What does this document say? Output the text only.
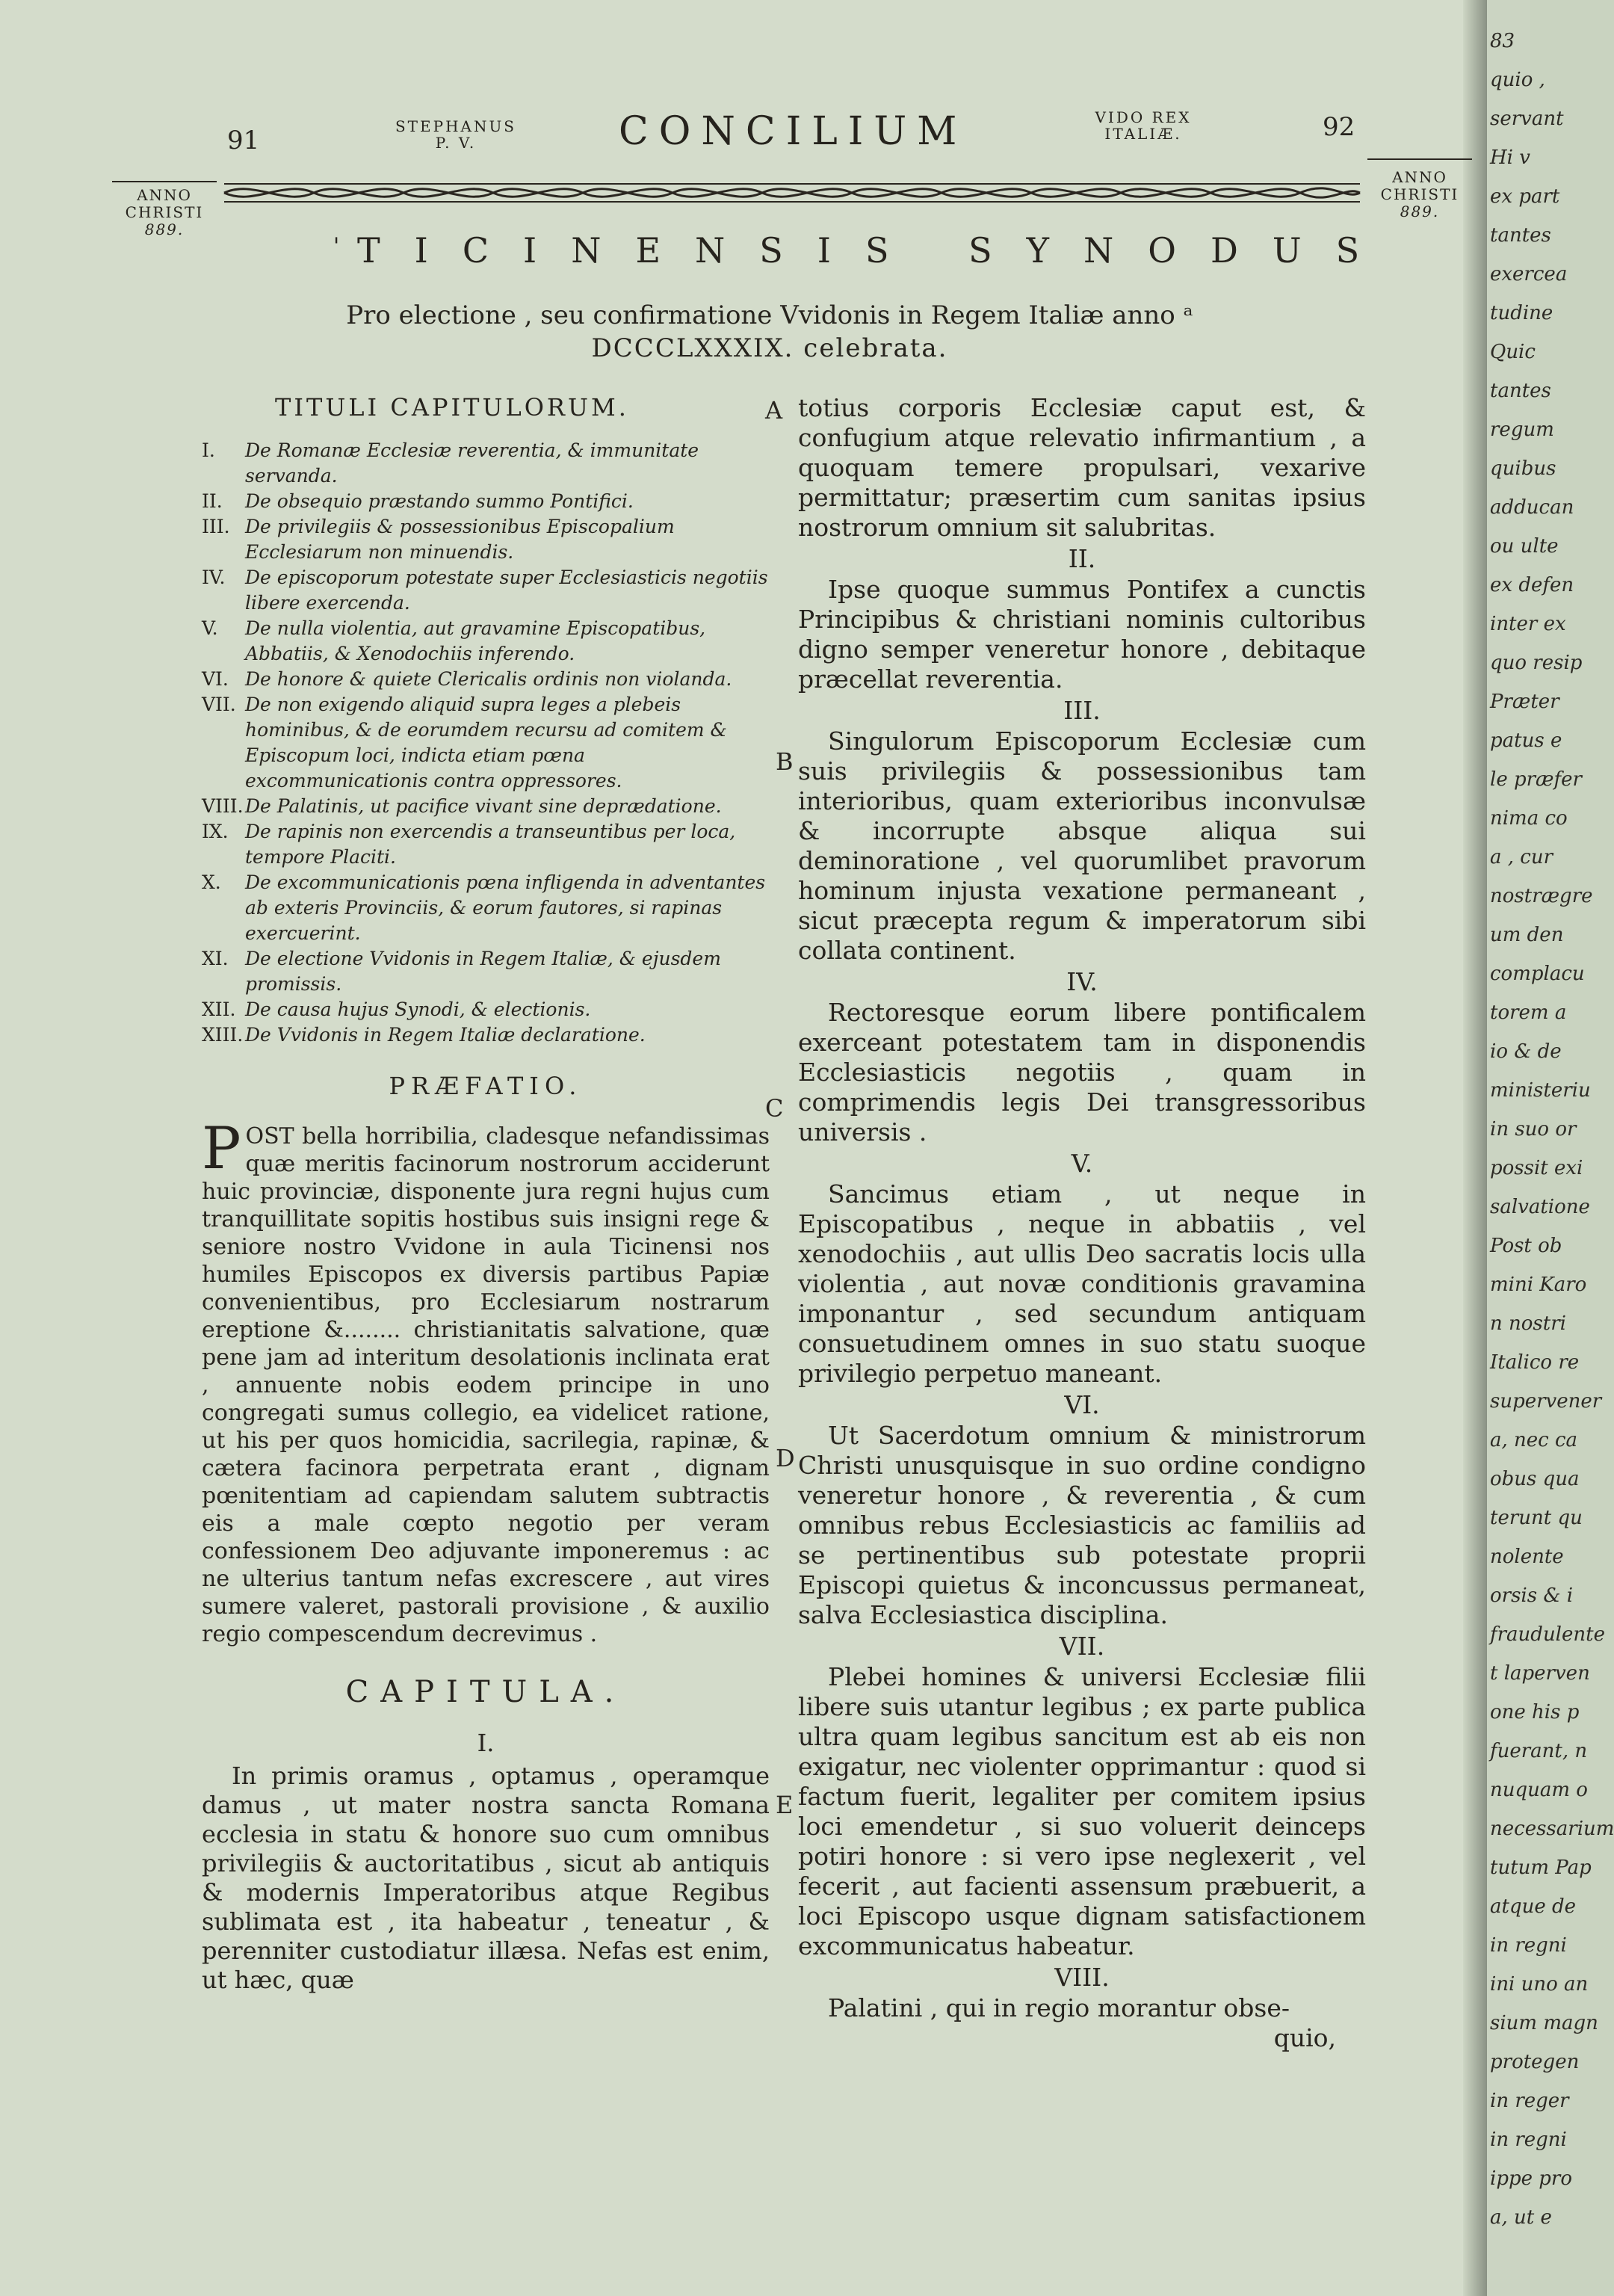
83
quio ,
servant
Hi v
ex part
tantes
exercea
tudine
Quic
tantes
regum
quibus
adducan
ou ulte
ex defen
inter ex
quo resip
Præter
patus e
le præfer
nima co
a , cur
nostrægre
um den
complacu
torem a
io & de
ministeriu
in suo or
possit exi
salvatione
Post ob
mini Karo
n nostri
Italico re
supervener
a, nec ca
obus qua
terunt qu
nolente
orsis & i
fraudulente
t laperven
one his p
fuerant, n
nuquam o
necessarium
tutum Pap
atque de
in regni
ini uno an
sium magn
protegen
in reger
in regni
ippe pro
a, ut e
91	STEPHANUS
P. V.	CONCILIUM	VIDO REX
ITALIÆ.	92
ANNO
CHRISTI
889.
ANNO
CHRISTI
889.
' TICINENSIS SYNODUS
Pro electione , seu confirmatione Vvidonis in Regem Italiæ anno ᵃ
DCCCLXXXIX. celebrata.
TITULI CAPITULORUM.

I. De Romanæ Ecclesiæ reverentia, & immunitate servanda.

II. De obsequio præstando summo Pontifici.

III. De privilegiis & possessionibus Episcopalium Ecclesiarum non minuendis.

IV. De episcoporum potestate super Ecclesiasticis negotiis libere exercenda.

V. De nulla violentia, aut gravamine Episcopatibus, Abbatiis, & Xenodochiis inferendo.

VI. De honore & quiete Clericalis ordinis non violanda.

VII. De non exigendo aliquid supra leges a plebeis hominibus, & de eorumdem recursu ad comitem & Episcopum loci, indicta etiam pœna excommunicationis contra oppressores.

VIII.De Palatinis, ut pacifice vivant sine deprædatione.

IX. De rapinis non exercendis a transeuntibus per loca, tempore Placiti.

X. De excommunicationis pœna infligenda in adventantes ab exteris Provinciis, & eorum fautores, si rapinas exercuerint.

XI. De electione Vvidonis in Regem Italiæ, & ejusdem promissis.

XII. De causa hujus Synodi, & electionis.

XIII. De Vvidonis in Regem Italiæ declaratione.

PRÆFATIO.

POST bella horribilia, cladesque nefandissimas quæ meritis facinorum nostrorum acciderunt huic provinciæ, disponente jura regni hujus cum tranquillitate sopitis hostibus suis insigni rege & seniore nostro Vvidone in aula Ticinensi nos humiles Episcopos ex diversis partibus Papiæ convenientibus, pro Ecclesiarum nostrarum ereptione &........ christianitatis salvatione, quæ pene jam ad interitum desolationis inclinata erat , annuente nobis eodem principe in uno congregati sumus collegio, ea videlicet ratione, ut his per quos homicidia, sacrilegia, rapinæ, & cætera facinora perpetrata erant , dignam pœnitentiam ad capiendam salutem subtractis eis a male cœpto negotio per veram confessionem Deo adjuvante imponeremus : ac ne ulterius tantum nefas excrescere , aut vires sumere valeret, pastorali provisione , & auxilio regio compescendum decrevimus .

CAPITULA.
I.

In primis oramus , optamus , operamque damus , ut mater nostra sancta Romana ecclesia in statu & honore suo cum omnibus privilegiis & auctoritatibus , sicut ab antiquis & modernis Imperatoribus atque Regibus sublimata est , ita habeatur , teneatur , & perenniter custodiatur illæsa. Nefas est enim, ut hæc, quæ

totius corporis Ecclesiæ caput est, & confugium atque relevatio infirmantium , a quoquam temere propulsari, vexarive permittatur; præsertim cum sanitas ipsius nostrorum omnium sit salubritas.

II.

Ipse quoque summus Pontifex a cunctis Principibus & christiani nominis cultoribus digno semper veneretur honore , debitaque præcellat reverentia.

III.

Singulorum Episcoporum Ecclesiæ cum suis privilegiis & possessionibus tam interioribus, quam exterioribus inconvulsæ & incorrupte absque aliqua sui deminoratione , vel quorumlibet pravorum hominum injusta vexatione permaneant , sicut præcepta regum & imperatorum sibi collata continent.

IV.

Rectoresque eorum libere pontificalem exerceant potestatem tam in disponendis Ecclesiasticis negotiis , quam in comprimendis legis Dei transgressoribus universis .

V.

Sancimus etiam , ut neque in Episcopatibus , neque in abbatiis , vel xenodochiis , aut ullis Deo sacratis locis ulla violentia , aut novæ conditionis gravamina imponantur , sed secundum antiquam consuetudinem omnes in suo statu suoque privilegio perpetuo maneant.

VI.

Ut Sacerdotum omnium & ministrorum Christi unusquisque in suo ordine condigno veneretur honore , & reverentia , & cum omnibus rebus Ecclesiasticis ac familiis ad se pertinentibus sub potestate proprii Episcopi quietus & inconcussus permaneat, salva Ecclesiastica disciplina.

VII.

Plebei homines & universi Ecclesiæ filii libere suis utantur legibus ; ex parte publica ultra quam legibus sancitum est ab eis non exigatur, nec violenter opprimantur : quod si factum fuerit, legaliter per comitem ipsius loci emendetur , si suo voluerit deinceps potiri honore : si vero ipse neglexerit , vel fecerit , aut facienti assensum præbuerit, a loci Episcopo usque dignam satisfactionem excommunicatus habeatur.

VIII.

Palatini , qui in regio morantur obse-

quio,
A
B
C
D
E
